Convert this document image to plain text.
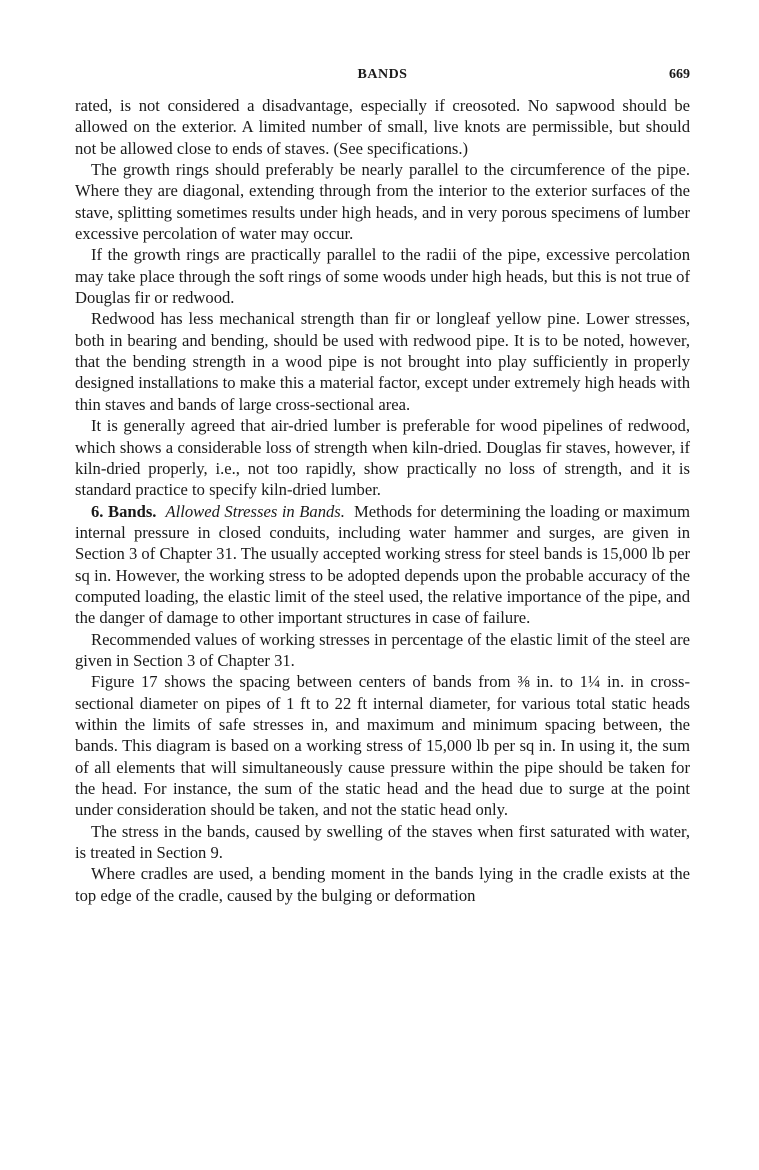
BANDS	669

rated, is not considered a disadvantage, especially if creosoted. No sapwood should be allowed on the exterior. A limited number of small, live knots are permissible, but should not be allowed close to ends of staves. (See specifications.)

The growth rings should preferably be nearly parallel to the circumference of the pipe. Where they are diagonal, extending through from the interior to the exterior surfaces of the stave, splitting sometimes results under high heads, and in very porous specimens of lumber excessive percolation of water may occur.

If the growth rings are practically parallel to the radii of the pipe, excessive percolation may take place through the soft rings of some woods under high heads, but this is not true of Douglas fir or redwood.

Redwood has less mechanical strength than fir or longleaf yellow pine. Lower stresses, both in bearing and bending, should be used with redwood pipe. It is to be noted, however, that the bending strength in a wood pipe is not brought into play sufficiently in properly designed installations to make this a material factor, except under extremely high heads with thin staves and bands of large cross-sectional area.

It is generally agreed that air-dried lumber is preferable for wood pipelines of redwood, which shows a considerable loss of strength when kiln-dried. Douglas fir staves, however, if kiln-dried properly, i.e., not too rapidly, show practically no loss of strength, and it is standard practice to specify kiln-dried lumber.

6. Bands. Allowed Stresses in Bands. Methods for determining the loading or maximum internal pressure in closed conduits, including water hammer and surges, are given in Section 3 of Chapter 31. The usually accepted working stress for steel bands is 15,000 lb per sq in. However, the working stress to be adopted depends upon the probable accuracy of the computed loading, the elastic limit of the steel used, the relative importance of the pipe, and the danger of damage to other important structures in case of failure.

Recommended values of working stresses in percentage of the elastic limit of the steel are given in Section 3 of Chapter 31.

Figure 17 shows the spacing between centers of bands from ⅜ in. to 1¼ in. in cross-sectional diameter on pipes of 1 ft to 22 ft internal diameter, for various total static heads within the limits of safe stresses in, and maximum and minimum spacing between, the bands. This diagram is based on a working stress of 15,000 lb per sq in. In using it, the sum of all elements that will simultaneously cause pressure within the pipe should be taken for the head. For instance, the sum of the static head and the head due to surge at the point under consideration should be taken, and not the static head only.

The stress in the bands, caused by swelling of the staves when first saturated with water, is treated in Section 9.

Where cradles are used, a bending moment in the bands lying in the cradle exists at the top edge of the cradle, caused by the bulging or deformation
